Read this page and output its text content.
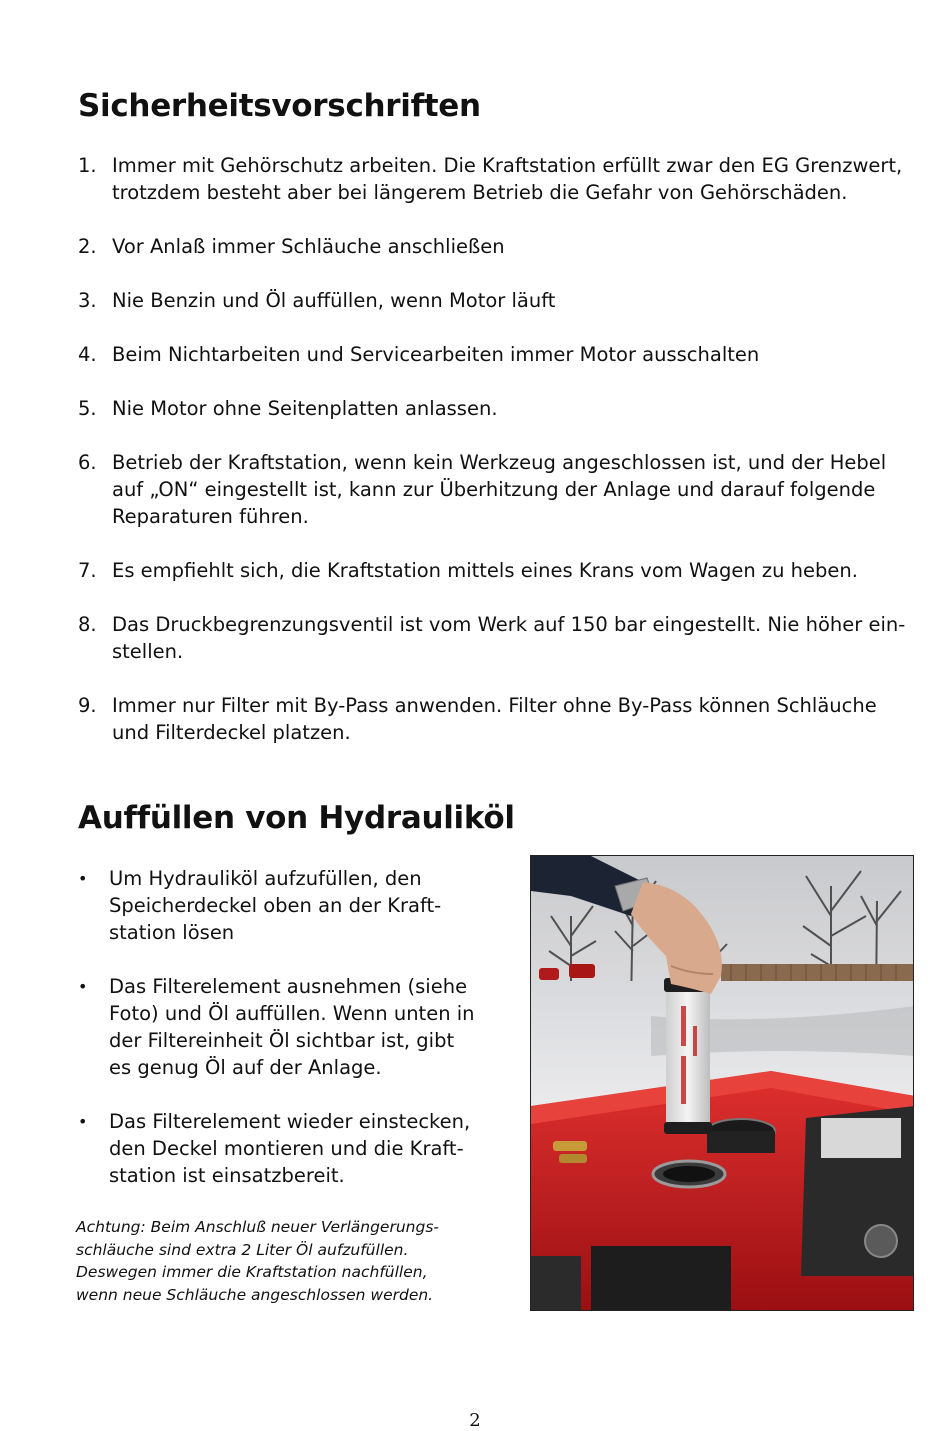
Sicherheitsvorschriften
1. Immer mit Gehörschutz arbeiten. Die Kraftstation erfüllt zwar den EG Grenzwert,
trotzdem besteht aber bei längerem Betrieb die Gefahr von Gehörschäden.
2. Vor Anlaß immer Schläuche anschließen
3. Nie Benzin und Öl auffüllen, wenn Motor läuft
4. Beim Nichtarbeiten und Servicearbeiten immer Motor ausschalten
5. Nie Motor ohne Seitenplatten anlassen.
6. Betrieb der Kraftstation, wenn kein Werkzeug angeschlossen ist, und der Hebel
auf „ON“ eingestellt ist, kann zur Überhitzung der Anlage und darauf folgende
Reparaturen führen.
7. Es empfiehlt sich, die Kraftstation mittels eines Krans vom Wagen zu heben.
8. Das Druckbegrenzungsventil ist vom Werk auf 150 bar eingestellt. Nie höher ein-
stellen.
9. Immer nur Filter mit By-Pass anwenden. Filter ohne By-Pass können Schläuche
und Filterdeckel platzen.
Auffüllen von Hydrauliköl
•	Um Hydrauliköl aufzufüllen, den
Speicherdeckel oben an der Kraft-
station lösen
•	Das Filterelement ausnehmen (siehe
Foto) und Öl auffüllen. Wenn unten in
der Filtereinheit Öl sichtbar ist, gibt
es genug Öl auf der Anlage.
•	Das Filterelement wieder einstecken,
den Deckel montieren und die Kraft-
station ist einsatzbereit.
Achtung: Beim Anschluß neuer Verlängerungs-
schläuche sind extra 2 Liter Öl aufzufüllen.
Deswegen immer die Kraftstation nachfüllen,
wenn neue Schläuche angeschlossen werden.
2
